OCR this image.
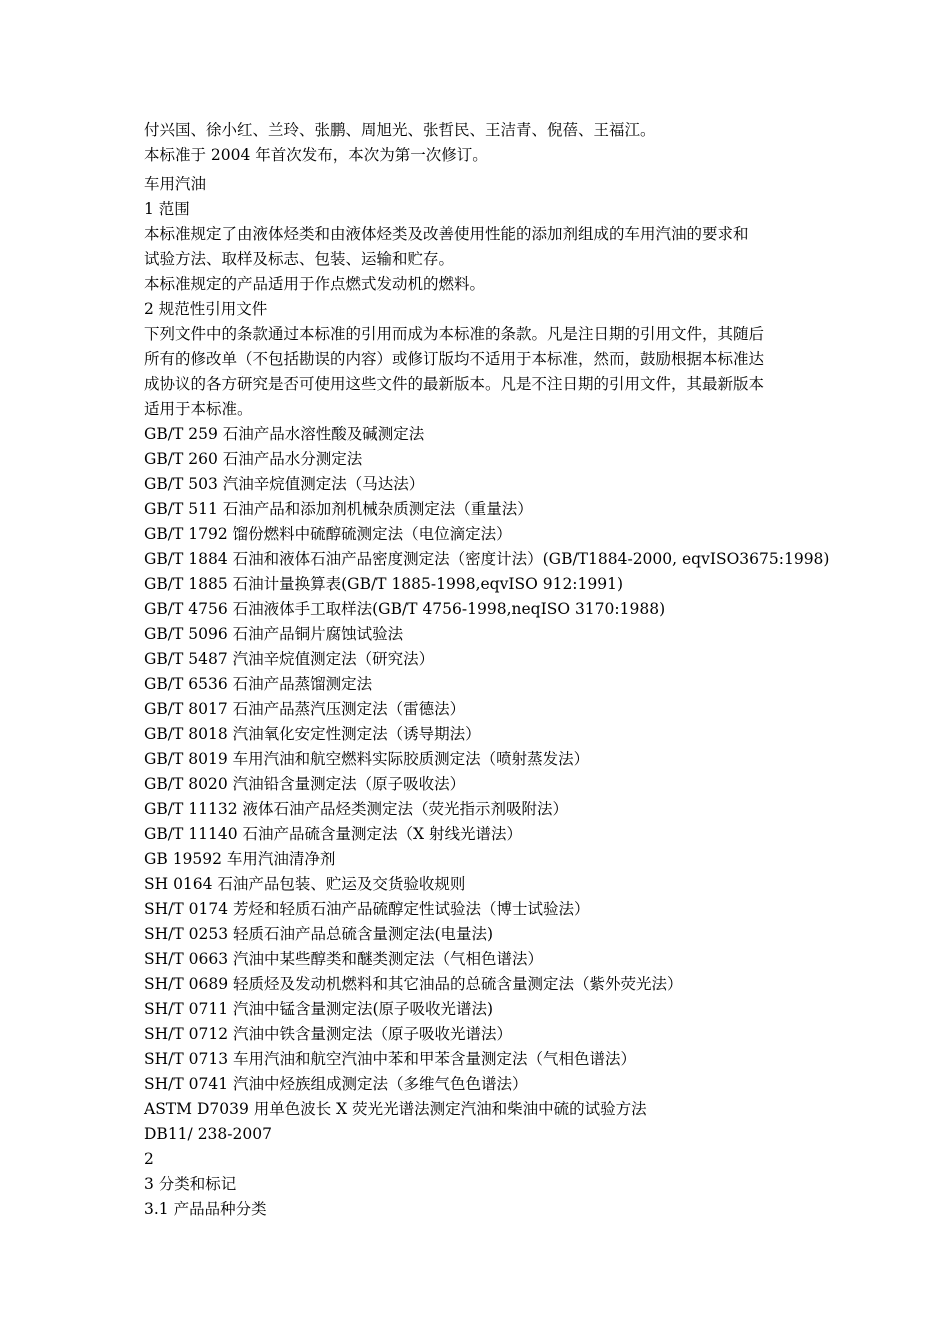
付兴国、徐小红、兰玲、张鹏、周旭光、张哲民、王洁青、倪蓓、王福江。
本标准于 2004 年首次发布，本次为第一次修订。
车用汽油
1 范围
本标准规定了由液体烃类和由液体烃类及改善使用性能的添加剂组成的车用汽油的要求和
试验方法、取样及标志、包装、运输和贮存。
本标准规定的产品适用于作点燃式发动机的燃料。
2 规范性引用文件
下列文件中的条款通过本标准的引用而成为本标准的条款。凡是注日期的引用文件，其随后
所有的修改单（不包括勘误的内容）或修订版均不适用于本标准，然而，鼓励根据本标准达
成协议的各方研究是否可使用这些文件的最新版本。凡是不注日期的引用文件，其最新版本
适用于本标准。
GB/T 259 石油产品水溶性酸及碱测定法
GB/T 260 石油产品水分测定法
GB/T 503 汽油辛烷值测定法（马达法）
GB/T 511 石油产品和添加剂机械杂质测定法（重量法）
GB/T 1792 馏份燃料中硫醇硫测定法（电位滴定法）
GB/T 1884 石油和液体石油产品密度测定法（密度计法）(GB/T1884-2000, eqvISO3675:1998)
GB/T 1885 石油计量换算表(GB/T 1885-1998,eqvISO 912:1991)
GB/T 4756 石油液体手工取样法(GB/T 4756-1998,neqISO 3170:1988)
GB/T 5096 石油产品铜片腐蚀试验法
GB/T 5487 汽油辛烷值测定法（研究法）
GB/T 6536 石油产品蒸馏测定法
GB/T 8017 石油产品蒸汽压测定法（雷德法）
GB/T 8018 汽油氧化安定性测定法（诱导期法）
GB/T 8019 车用汽油和航空燃料实际胶质测定法（喷射蒸发法）
GB/T 8020 汽油铅含量测定法（原子吸收法）
GB/T 11132 液体石油产品烃类测定法（荧光指示剂吸附法）
GB/T 11140 石油产品硫含量测定法（X 射线光谱法）
GB 19592 车用汽油清净剂
SH 0164 石油产品包装、贮运及交货验收规则
SH/T 0174 芳烃和轻质石油产品硫醇定性试验法（博士试验法）
SH/T 0253 轻质石油产品总硫含量测定法(电量法)
SH/T 0663 汽油中某些醇类和醚类测定法（气相色谱法）
SH/T 0689 轻质烃及发动机燃料和其它油品的总硫含量测定法（紫外荧光法）
SH/T 0711 汽油中锰含量测定法(原子吸收光谱法)
SH/T 0712 汽油中铁含量测定法（原子吸收光谱法）
SH/T 0713 车用汽油和航空汽油中苯和甲苯含量测定法（气相色谱法）
SH/T 0741 汽油中烃族组成测定法（多维气色色谱法）
ASTM D7039 用单色波长 X 荧光光谱法测定汽油和柴油中硫的试验方法
DB11/ 238-2007
2
3 分类和标记
3.1 产品品种分类
